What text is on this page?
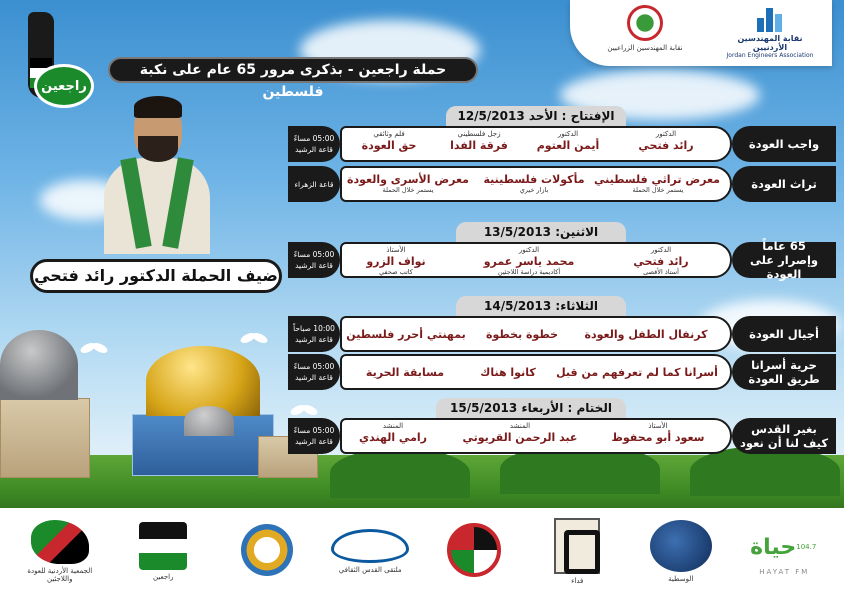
نقابة المهندسين الأردنيين
Jordan Engineers Association
نقابة المهندسين الزراعيين
راجعين
حملة راجعين - بذكرى مرور 65 عام على نكبة فلسطين
ضيف الحملة الدكتور رائد فتحي
الإفتتاح : الأحد 12/5/2013
واجب العودة
الدكتور
رائد فتحي
الدكتور
أيمن العتوم
زجل فلسطيني
فرقة الفدا
فلم وثائقي
حق العودة
05:00 مساءً
قاعة الرشيد
تراث العودة
معرض تراثي فلسطيني
يستمر خلال الحملة
مأكولات فلسطينية
بازار خيري
معرض الأسرى والعودة
يستمر خلال الحملة
قاعة الزهراء
الاثنين: 13/5/2013
65 عاماً
وإصرار على العودة
الدكتور
رائد فتحي
أستاذ الأقصى
الدكتور
محمد ياسر عمرو
أكاديمية دراسة اللاجئين
الأستاذ
نواف الزرو
كاتب صحفي
05:00 مساءً
قاعة الرشيد
الثلاثاء: 14/5/2013
أجيال العودة
كرنفال الطفل والعودة
خطوة بخطوة
بمهنتي أحرر فلسطين
10:00 صباحاً
قاعة الرشيد
حرية أسرانا
طريق العودة
أسرانا كما لم تعرفهم من قبل
كانوا هناك
مسابقة الحرية
05:00 مساءً
قاعة الرشيد
الختام : الأربعاء 15/5/2013
بغير القدس
كيف لنا أن نعود
الأستاذ
سعود أبو محفوظ
المنشد
عبد الرحمن القريوتي
المنشد
رامي الهندي
05:00 مساءً
قاعة الرشيد
الجمعية الأردنية للعودة واللاجئين	راجعين
ملتقى القدس الثقافي
فداء	الوسطية
حياة 104.7
HAYAT FM
